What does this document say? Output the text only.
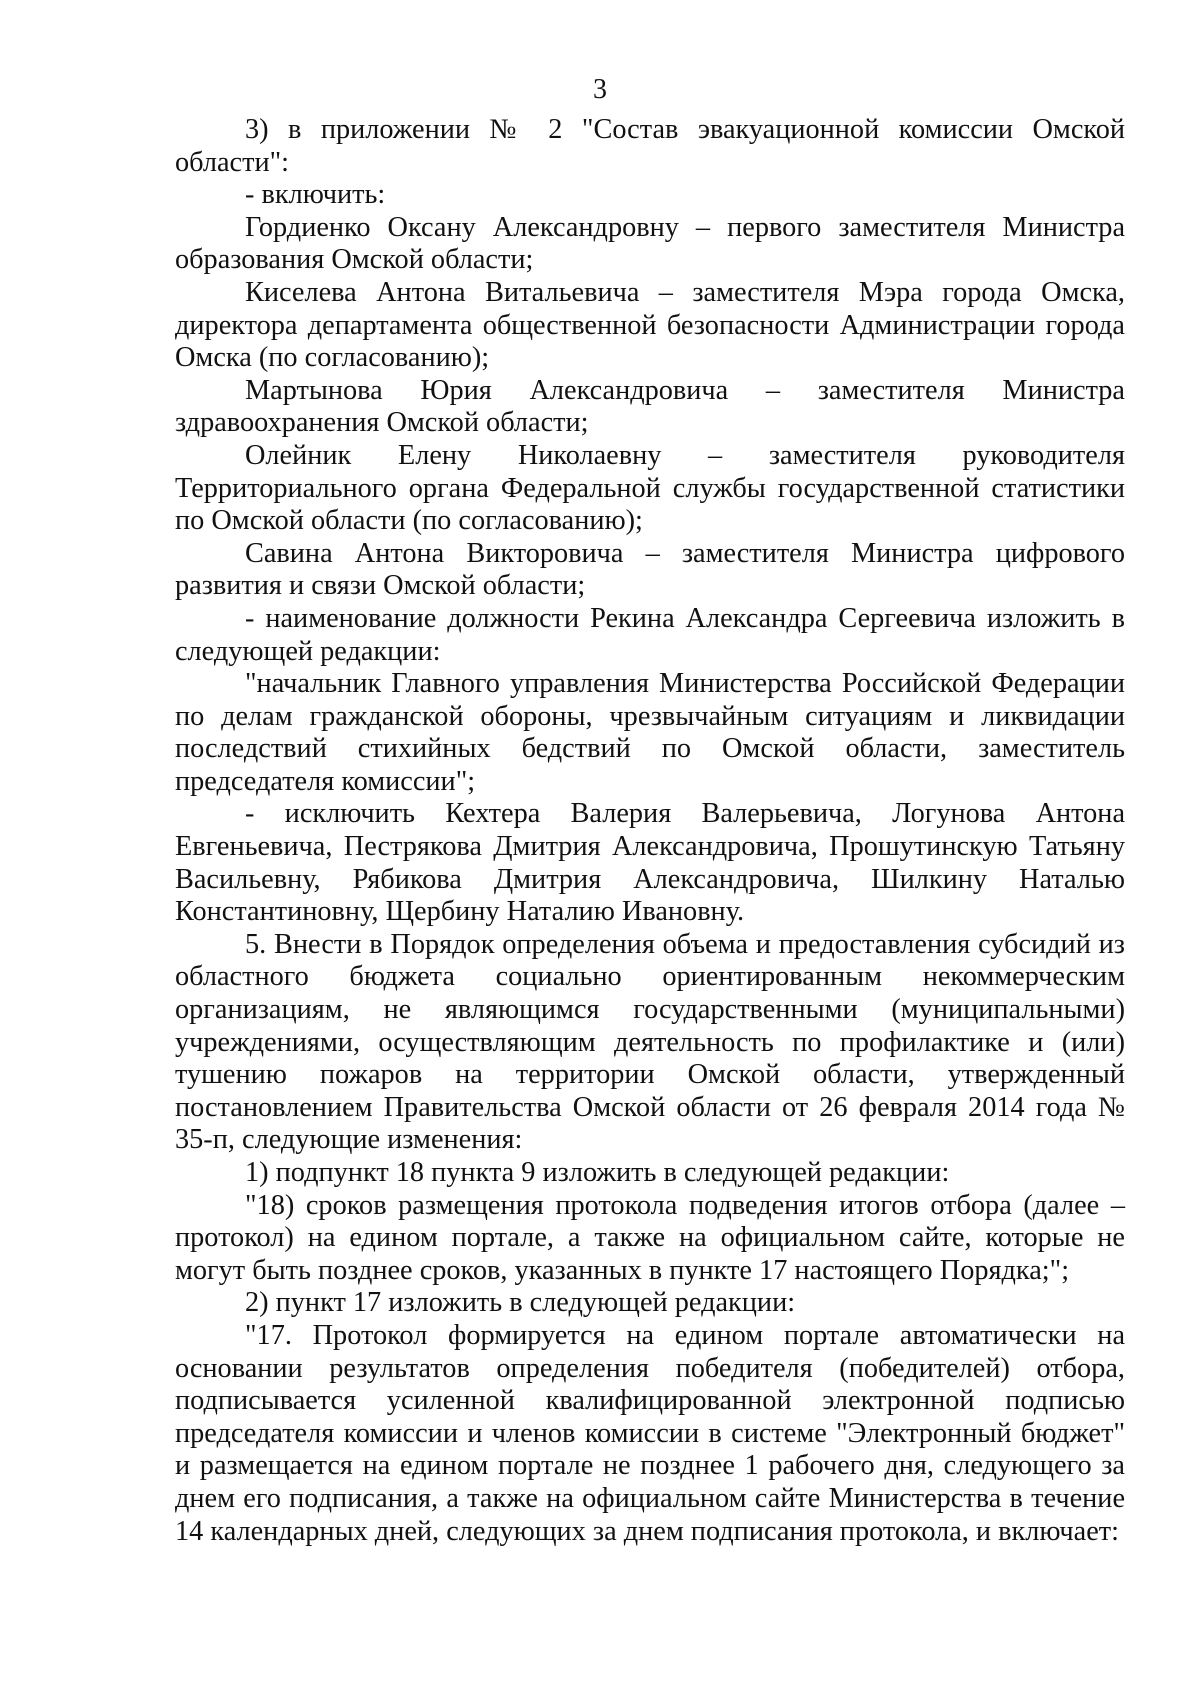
3

3) в приложении № 2 "Состав эвакуационной комиссии Омской области":

- включить:

Гордиенко Оксану Александровну – первого заместителя Министра образования Омской области;

Киселева Антона Витальевича – заместителя Мэра города Омска, директора департамента общественной безопасности Администрации города Омска (по согласованию);

Мартынова Юрия Александровича – заместителя Министра здравоохранения Омской области;

Олейник Елену Николаевну – заместителя руководителя Территориального органа Федеральной службы государственной статистики по Омской области (по согласованию);

Савина Антона Викторовича – заместителя Министра цифрового развития и связи Омской области;

- наименование должности Рекина Александра Сергеевича изложить в следующей редакции:

"начальник Главного управления Министерства Российской Федерации по делам гражданской обороны, чрезвычайным ситуациям и ликвидации последствий стихийных бедствий по Омской области, заместитель председателя комиссии";

- исключить Кехтера Валерия Валерьевича, Логунова Антона Евгеньевича, Пестрякова Дмитрия Александровича, Прошутинскую Татьяну Васильевну, Рябикова Дмитрия Александровича, Шилкину Наталью Константиновну, Щербину Наталию Ивановну.

5. Внести в Порядок определения объема и предоставления субсидий из областного бюджета социально ориентированным некоммерческим организациям, не являющимся государственными (муниципальными) учреждениями, осуществляющим деятельность по профилактике и (или) тушению пожаров на территории Омской области, утвержденный постановлением Правительства Омской области от 26 февраля 2014 года № 35-п, следующие изменения:

1) подпункт 18 пункта 9 изложить в следующей редакции:

"18) сроков размещения протокола подведения итогов отбора (далее – протокол) на едином портале, а также на официальном сайте, которые не могут быть позднее сроков, указанных в пункте 17 настоящего Порядка;";

2) пункт 17 изложить в следующей редакции:

"17. Протокол формируется на едином портале автоматически на основании результатов определения победителя (победителей) отбора, подписывается усиленной квалифицированной электронной подписью председателя комиссии и членов комиссии в системе "Электронный бюджет" и размещается на едином портале не позднее 1 рабочего дня, следующего за днем его подписания, а также на официальном сайте Министерства в течение 14 календарных дней, следующих за днем подписания протокола, и включает:
